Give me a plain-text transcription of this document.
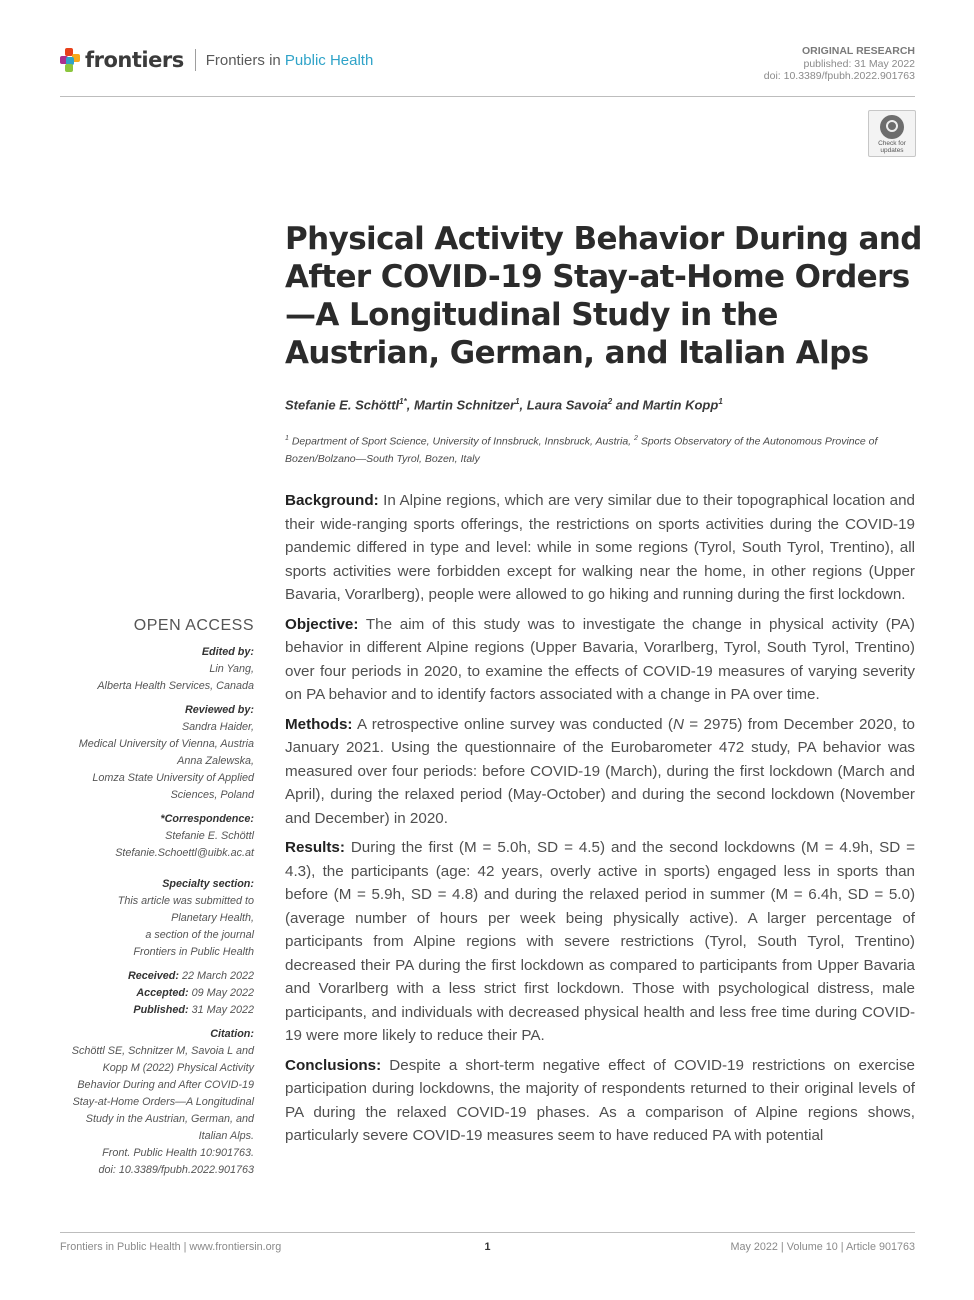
frontiers Frontiers in Public Health
ORIGINAL RESEARCH
published: 31 May 2022
doi: 10.3389/fpubh.2022.901763
Check for
updates
Physical Activity Behavior During and After COVID-19 Stay-at-Home Orders—A Longitudinal Study in the Austrian, German, and Italian Alps
Stefanie E. Schöttl$^{1*}$, Martin Schnitzer$^1$, Laura Savoia$^2$ and Martin Kopp$^1$
$^1$ Department of Sport Science, University of Innsbruck, Innsbruck, Austria, $^2$ Sports Observatory of the Autonomous Province of Bozen/Bolzano—South Tyrol, Bozen, Italy
OPEN ACCESS
Edited by:
Lin Yang,
Alberta Health Services, Canada
Reviewed by:
Sandra Haider,
Medical University of Vienna, Austria
Anna Zalewska,
Lomza State University of Applied
Sciences, Poland
*Correspondence:
Stefanie E. Schöttl
Stefanie.Schoettl@uibk.ac.at
Specialty section:
This article was submitted to
Planetary Health,
a section of the journal
Frontiers in Public Health
Received: 22 March 2022
Accepted: 09 May 2022
Published: 31 May 2022
Citation:
Schöttl SE, Schnitzer M, Savoia L and
Kopp M (2022) Physical Activity
Behavior During and After COVID-19
Stay-at-Home Orders—A Longitudinal
Study in the Austrian, German, and
Italian Alps.
Front. Public Health 10:901763.
doi: 10.3389/fpubh.2022.901763

Background: In Alpine regions, which are very similar due to their topographical location and their wide-ranging sports offerings, the restrictions on sports activities during the COVID-19 pandemic differed in type and level: while in some regions (Tyrol, South Tyrol, Trentino), all sports activities were forbidden except for walking near the home, in other regions (Upper Bavaria, Vorarlberg), people were allowed to go hiking and running during the first lockdown.

Objective: The aim of this study was to investigate the change in physical activity (PA) behavior in different Alpine regions (Upper Bavaria, Vorarlberg, Tyrol, South Tyrol, Trentino) over four periods in 2020, to examine the effects of COVID-19 measures of varying severity on PA behavior and to identify factors associated with a change in PA over time.

Methods: A retrospective online survey was conducted (N = 2975) from December 2020, to January 2021. Using the questionnaire of the Eurobarometer 472 study, PA behavior was measured over four periods: before COVID-19 (March), during the first lockdown (March and April), during the relaxed period (May-October) and during the second lockdown (November and December) in 2020.

Results: During the first (M = 5.0h, SD = 4.5) and the second lockdowns (M = 4.9h, SD = 4.3), the participants (age: 42 years, overly active in sports) engaged less in sports than before (M = 5.9h, SD = 4.8) and during the relaxed period in summer (M = 6.4h, SD = 5.0) (average number of hours per week being physically active). A larger percentage of participants from Alpine regions with severe restrictions (Tyrol, South Tyrol, Trentino) decreased their PA during the first lockdown as compared to participants from Upper Bavaria and Vorarlberg with a less strict first lockdown. Those with psychological distress, male participants, and individuals with decreased physical health and less free time during COVID-19 were more likely to reduce their PA.

Conclusions: Despite a short-term negative effect of COVID-19 restrictions on exercise participation during lockdowns, the majority of respondents returned to their original levels of PA during the relaxed COVID-19 phases. As a comparison of Alpine regions shows, particularly severe COVID-19 measures seem to have reduced PA with potential

Frontiers in Public Health | www.frontiersin.org	1	May 2022 | Volume 10 | Article 901763
